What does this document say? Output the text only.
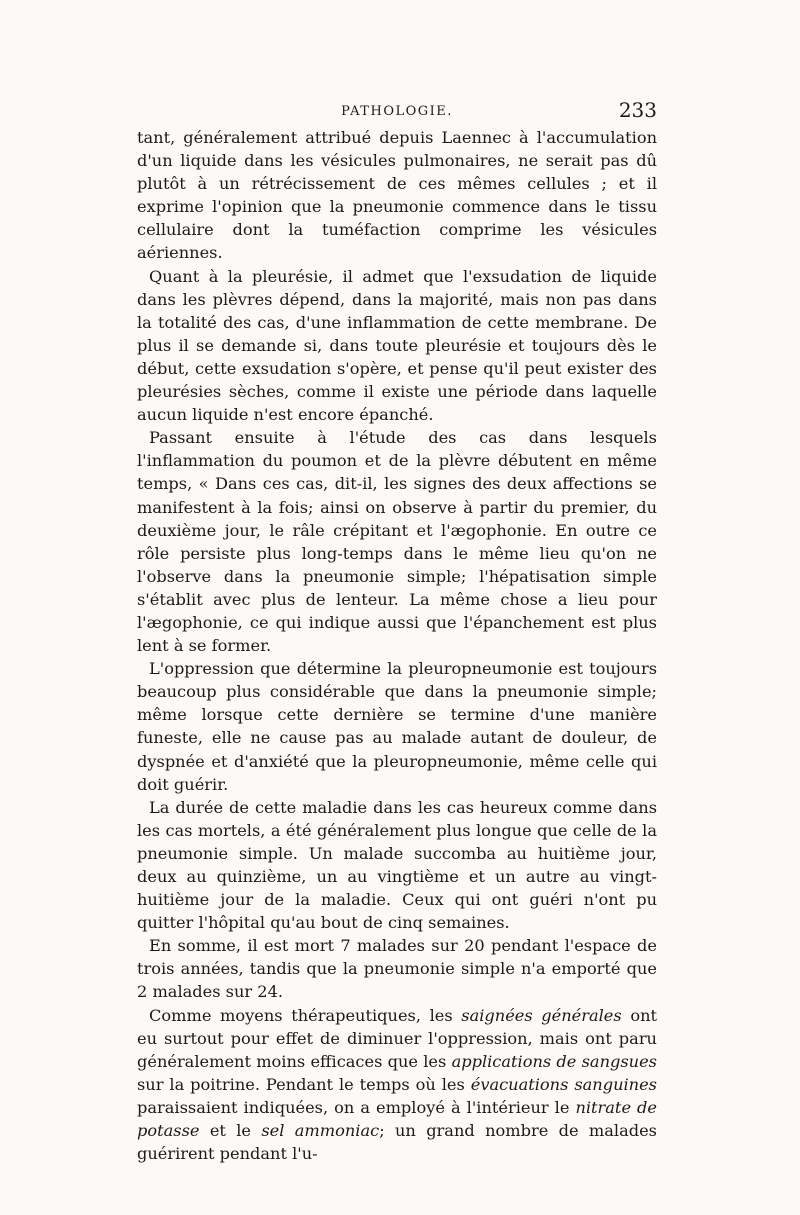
PATHOLOGIE.	233

tant, généralement attribué depuis Laennec à l'accumulation d'un liquide dans les vésicules pulmonaires, ne serait pas dû plutôt à un rétrécissement de ces mêmes cellules ; et il exprime l'opinion que la pneumonie commence dans le tissu cellulaire dont la tuméfaction comprime les vésicules aériennes.

Quant à la pleurésie, il admet que l'exsudation de liquide dans les plèvres dépend, dans la majorité, mais non pas dans la totalité des cas, d'une inflammation de cette membrane. De plus il se demande si, dans toute pleurésie et toujours dès le début, cette exsudation s'opère, et pense qu'il peut exister des pleurésies sèches, comme il existe une période dans laquelle aucun liquide n'est encore épanché.

Passant ensuite à l'étude des cas dans lesquels l'inflammation du poumon et de la plèvre débutent en même temps, « Dans ces cas, dit-il, les signes des deux affections se manifestent à la fois; ainsi on observe à partir du premier, du deuxième jour, le râle crépitant et l'ægophonie. En outre ce rôle persiste plus long-temps dans le même lieu qu'on ne l'observe dans la pneumonie simple; l'hépatisation simple s'établit avec plus de lenteur. La même chose a lieu pour l'ægophonie, ce qui indique aussi que l'épanchement est plus lent à se former.

L'oppression que détermine la pleuropneumonie est toujours beaucoup plus considérable que dans la pneumonie simple; même lorsque cette dernière se termine d'une manière funeste, elle ne cause pas au malade autant de douleur, de dyspnée et d'anxiété que la pleuropneumonie, même celle qui doit guérir.

La durée de cette maladie dans les cas heureux comme dans les cas mortels, a été généralement plus longue que celle de la pneumonie simple. Un malade succomba au huitième jour, deux au quinzième, un au vingtième et un autre au vingt-huitième jour de la maladie. Ceux qui ont guéri n'ont pu quitter l'hôpital qu'au bout de cinq semaines.

En somme, il est mort 7 malades sur 20 pendant l'espace de trois années, tandis que la pneumonie simple n'a emporté que 2 malades sur 24.

Comme moyens thérapeutiques, les saignées générales ont eu surtout pour effet de diminuer l'oppression, mais ont paru généralement moins efficaces que les applications de sangsues sur la poitrine. Pendant le temps où les évacuations sanguines paraissaient indiquées, on a employé à l'intérieur le nitrate de potasse et le sel ammoniac; un grand nombre de malades guérirent pendant l'u-
